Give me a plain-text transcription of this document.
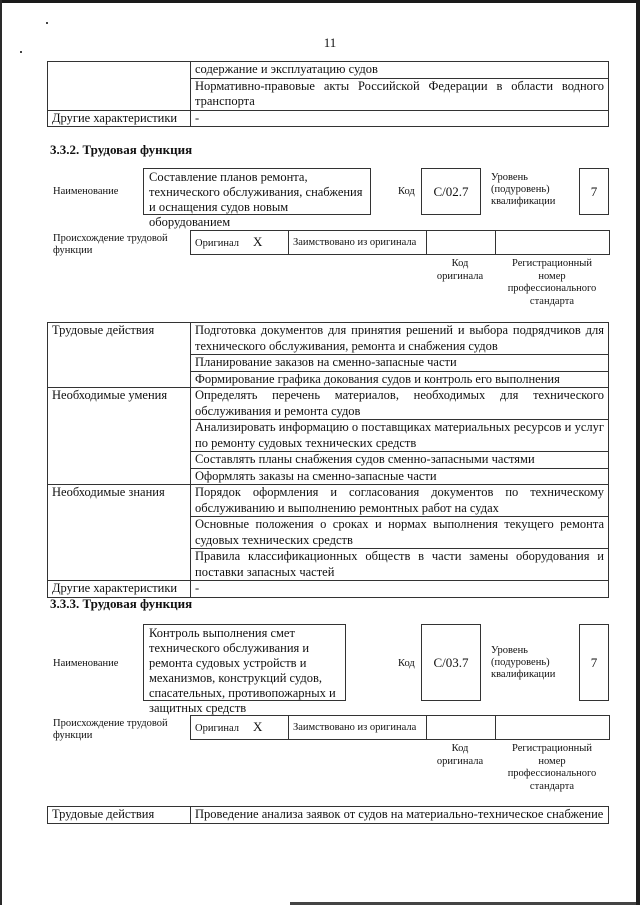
11
	содержание и эксплуатацию судов
	Нормативно-правовые акты Российской Федерации в области водного транспорта
Другие характеристики	-
3.3.2. Трудовая функция
Наименование
Составление планов ремонта, технического обслуживания, снабжения и оснащения судов новым оборудованием
Код	C/02.7
Уровень (подуровень) квалификации
7
Происхождение трудовой функции
Оригинал X	Заимствовано из оригинала		
Код оригинала
Регистрационный номер профессионального стандарта
Трудовые действия	Подготовка документов для принятия решений и выбора подрядчиков для технического обслуживания, ремонта и снабжения судов
	Планирование заказов на сменно-запасные части
	Формирование графика докования судов и контроль его выполнения
Необходимые умения	Определять перечень материалов, необходимых для технического обслуживания и ремонта судов
	Анализировать информацию о поставщиках материальных ресурсов и услуг по ремонту судовых технических средств
	Составлять планы снабжения судов сменно-запасными частями
	Оформлять заказы на сменно-запасные части
Необходимые знания	Порядок оформления и согласования документов по техническому обслуживанию и выполнению ремонтных работ на судах
	Основные положения о сроках и нормах выполнения текущего ремонта судовых технических средств
	Правила классификационных обществ в части замены оборудования и поставки запасных частей
Другие характеристики	-
3.3.3. Трудовая функция
Наименование
Контроль выполнения смет технического обслуживания и ремонта судовых устройств и механизмов, конструкций судов, спасательных, противопожарных и защитных средств
Код	C/03.7
Уровень (подуровень) квалификации
7
Происхождение трудовой функции
Оригинал X	Заимствовано из оригинала		
Код оригинала
Регистрационный номер профессионального стандарта
Трудовые действия	Проведение анализа заявок от судов на материально-техническое снабжение
